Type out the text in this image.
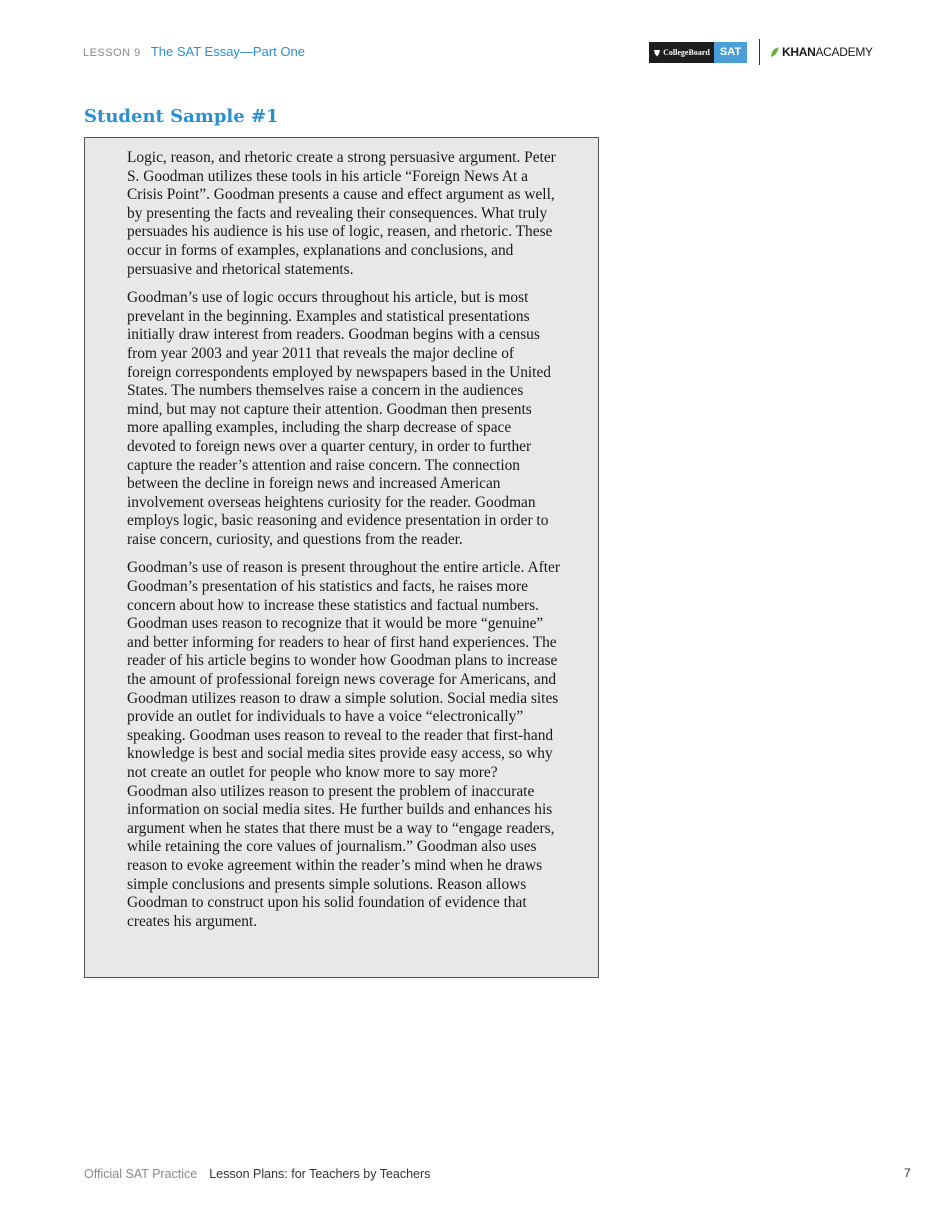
LESSON 9 The SAT Essay—Part One	CollegeBoard SAT	KHAN ACADEMY
Student Sample #1

Logic, reason, and rhetoric create a strong persuasive argument. Peter S. Goodman utilizes these tools in his article “Foreign News At a Crisis Point”. Goodman presents a cause and effect argument as well, by presenting the facts and revealing their consequences. What truly persuades his audience is his use of logic, reasen, and rhetoric. These occur in forms of examples, explanations and conclusions, and persuasive and rhetorical statements.

Goodman’s use of logic occurs throughout his article, but is most prevelant in the beginning. Examples and statistical presentations initially draw interest from readers. Goodman begins with a census from year 2003 and year 2011 that reveals the major decline of foreign correspondents employed by newspapers based in the United States. The numbers themselves raise a concern in the audiences mind, but may not capture their attention. Goodman then presents more apalling examples, including the sharp decrease of space devoted to foreign news over a quarter century, in order to further capture the reader’s attention and raise concern. The connection between the decline in foreign news and increased American involvement overseas heightens curiosity for the reader. Goodman employs logic, basic reasoning and evidence presentation in order to raise concern, curiosity, and questions from the reader.

Goodman’s use of reason is present throughout the entire article. After Goodman’s presentation of his statistics and facts, he raises more concern about how to increase these statistics and factual numbers. Goodman uses reason to recognize that it would be more “genuine” and better informing for readers to hear of first hand experiences. The reader of his article begins to wonder how Goodman plans to increase the amount of professional foreign news coverage for Americans, and Goodman utilizes reason to draw a simple solution. Social media sites provide an outlet for individuals to have a voice “electronically” speaking. Goodman uses reason to reveal to the reader that first-hand knowledge is best and social media sites provide easy access, so why not create an outlet for people who know more to say more? Goodman also utilizes reason to present the problem of inaccurate information on social media sites. He further builds and enhances his argument when he states that there must be a way to “engage readers, while retaining the core values of journalism.” Goodman also uses reason to evoke agreement within the reader’s mind when he draws simple conclusions and presents simple solutions. Reason allows Goodman to construct upon his solid foundation of evidence that creates his argument.

Official SAT Practice Lesson Plans: for Teachers by Teachers	7
